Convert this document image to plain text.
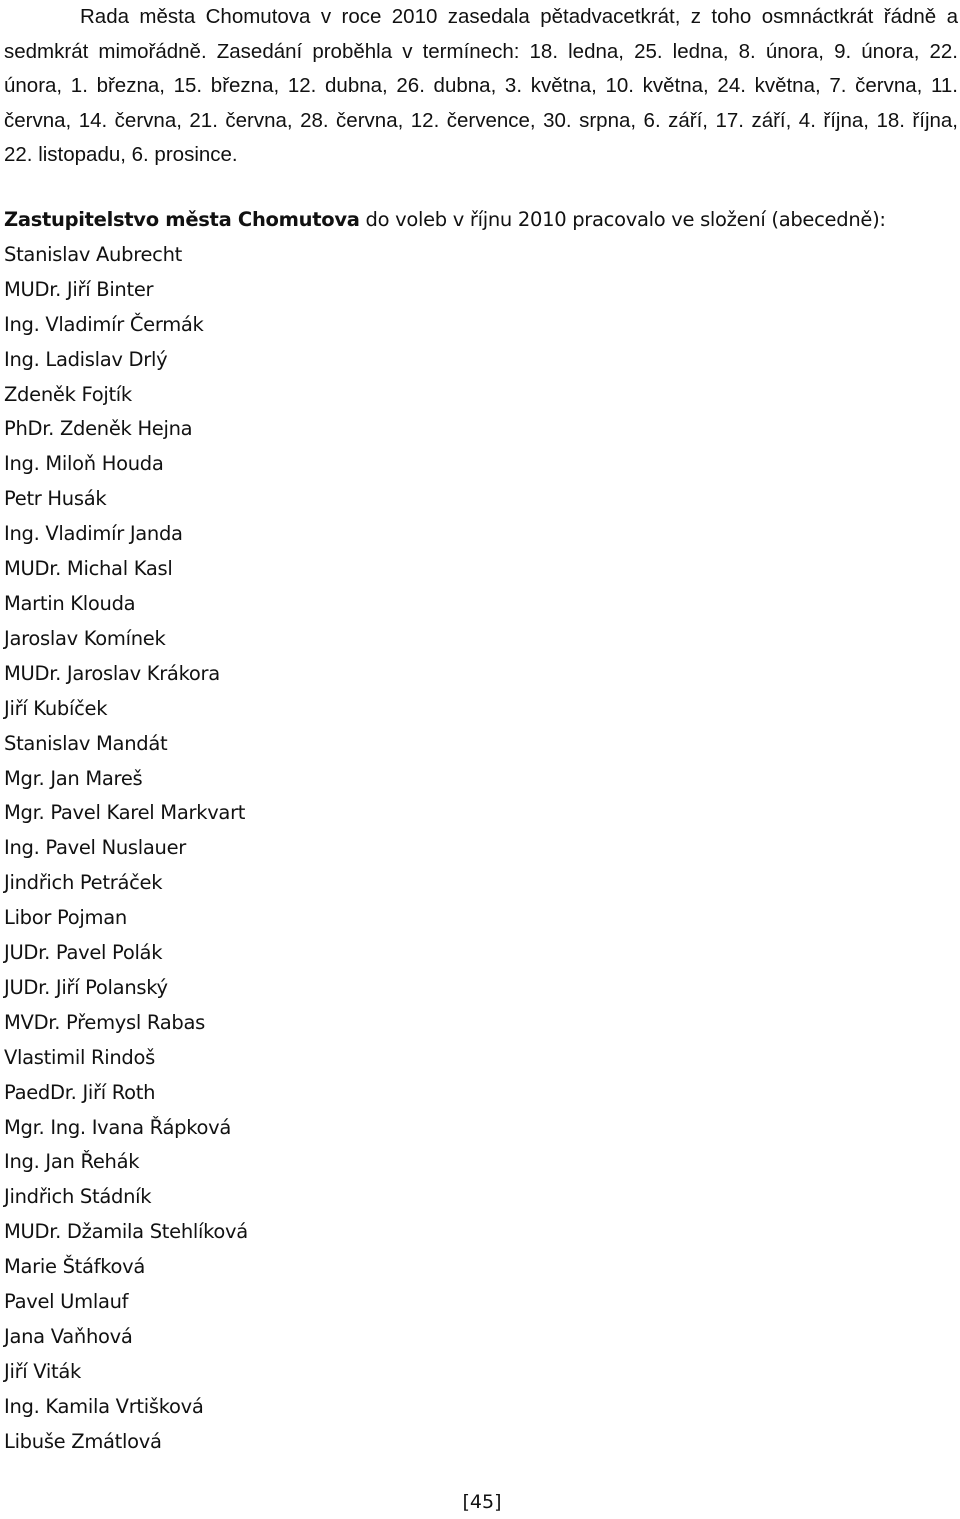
Rada města Chomutova v roce 2010 zasedala pětadvacetkrát, z toho osmnáctkrát řádně a sedmkrát mimořádně. Zasedání proběhla v termínech: 18. ledna, 25. ledna, 8. února, 9. února, 22. února, 1. března, 15. března, 12. dubna, 26. dubna, 3. května, 10. května, 24. května, 7. června, 11. června, 14. června, 21. června, 28. června, 12. července, 30. srpna, 6. září, 17. září, 4. října, 18. října, 22. listopadu, 6. prosince.

Zastupitelstvo města Chomutova do voleb v říjnu 2010 pracovalo ve složení (abecedně):
Stanislav Aubrecht
MUDr. Jiří Binter
Ing. Vladimír Čermák
Ing. Ladislav Drlý
Zdeněk Fojtík
PhDr. Zdeněk Hejna
Ing. Miloň Houda
Petr Husák
Ing. Vladimír Janda
MUDr. Michal Kasl
Martin Klouda
Jaroslav Komínek
MUDr. Jaroslav Krákora
Jiří Kubíček
Stanislav Mandát
Mgr. Jan Mareš
Mgr. Pavel Karel Markvart
Ing. Pavel Nuslauer
Jindřich Petráček
Libor Pojman
JUDr. Pavel Polák
JUDr. Jiří Polanský
MVDr. Přemysl Rabas
Vlastimil Rindoš
PaedDr. Jiří Roth
Mgr. Ing. Ivana Řápková
Ing. Jan Řehák
Jindřich Stádník
MUDr. Džamila Stehlíková
Marie Štáfková
Pavel Umlauf
Jana Vaňhová
Jiří Viták
Ing. Kamila Vrtišková
Libuše Zmátlová

[45]
